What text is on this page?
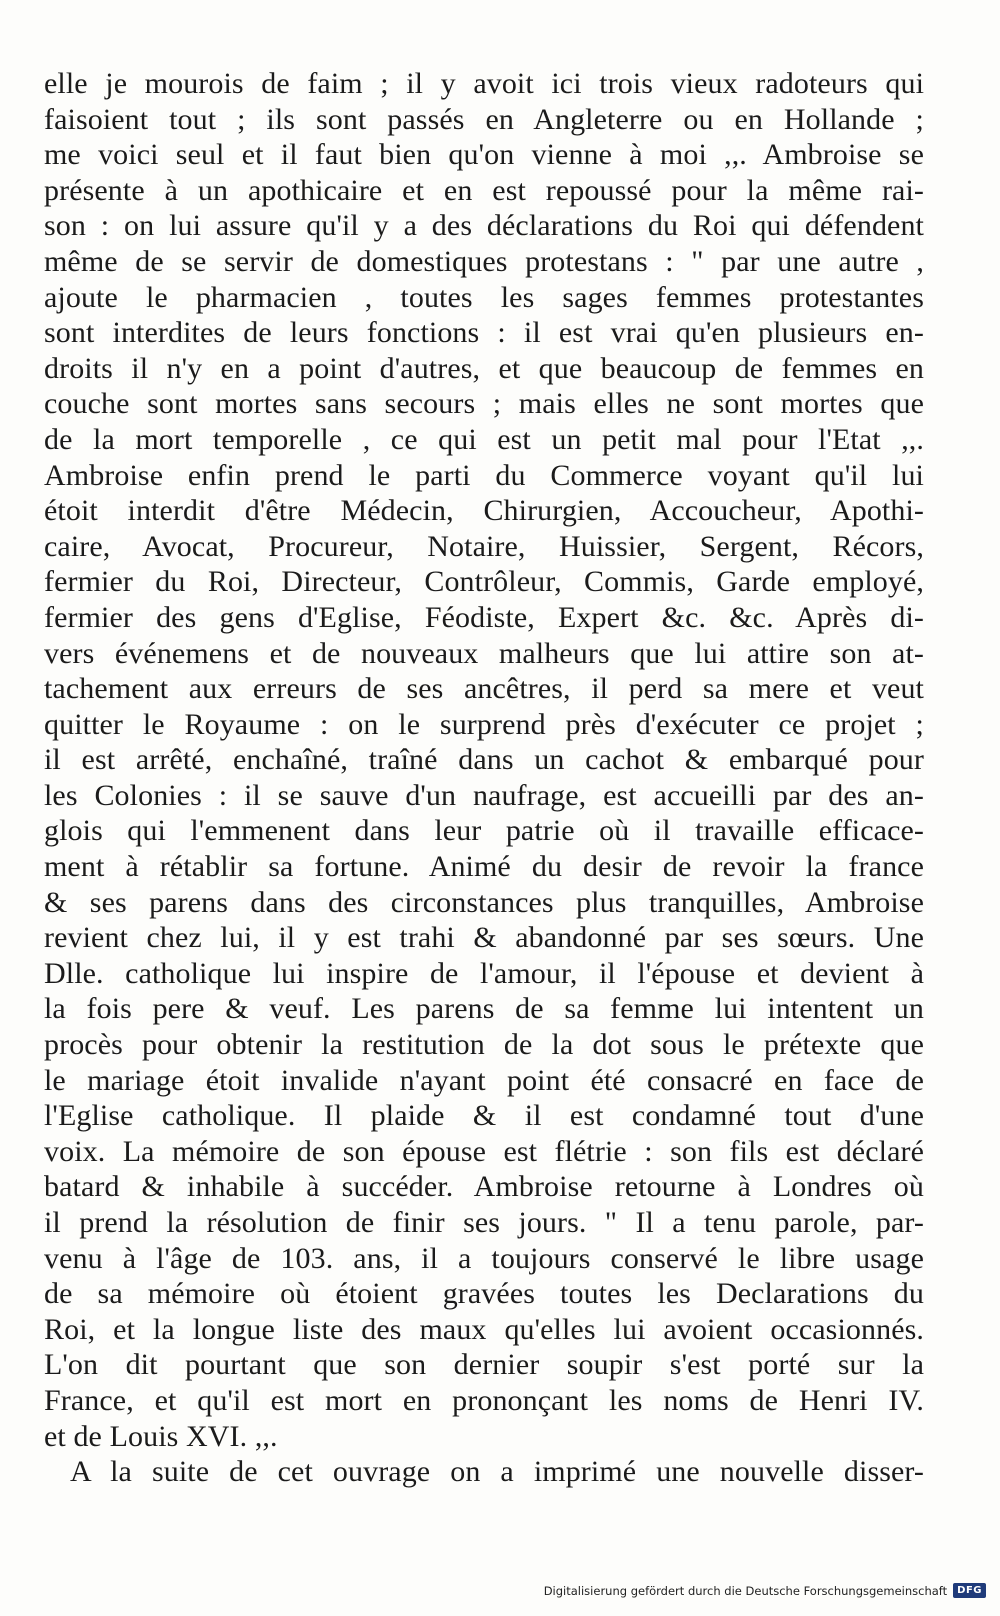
elle je mourois de faim ; il y avoit ici trois vieux radoteurs qui
faisoient tout ; ils sont passés en Angleterre ou en Hollande ;
me voici seul et il faut bien qu'on vienne à moi ,,. Ambroise se
présente à un apothicaire et en est repoussé pour la même rai-
son : on lui assure qu'il y a des déclarations du Roi qui défendent
même de se servir de domestiques protestans : " par une autre ,
ajoute le pharmacien , toutes les sages femmes protestantes
sont interdites de leurs fonctions : il est vrai qu'en plusieurs en-
droits il n'y en a point d'autres, et que beaucoup de femmes en
couche sont mortes sans secours ; mais elles ne sont mortes que
de la mort temporelle , ce qui est un petit mal pour l'Etat ,,.
Ambroise enfin prend le parti du Commerce voyant qu'il lui
étoit interdit d'être Médecin, Chirurgien, Accoucheur, Apothi-
caire, Avocat, Procureur, Notaire, Huissier, Sergent, Récors,
fermier du Roi, Directeur, Contrôleur, Commis, Garde employé,
fermier des gens d'Eglise, Féodiste, Expert &c. &c. Après di-
vers événemens et de nouveaux malheurs que lui attire son at-
tachement aux erreurs de ses ancêtres, il perd sa mere et veut
quitter le Royaume : on le surprend près d'exécuter ce projet ;
il est arrêté, enchaîné, traîné dans un cachot & embarqué pour
les Colonies : il se sauve d'un naufrage, est accueilli par des an-
glois qui l'emmenent dans leur patrie où il travaille efficace-
ment à rétablir sa fortune. Animé du desir de revoir la france
& ses parens dans des circonstances plus tranquilles, Ambroise
revient chez lui, il y est trahi & abandonné par ses sœurs. Une
Dlle. catholique lui inspire de l'amour, il l'épouse et devient à
la fois pere & veuf. Les parens de sa femme lui intentent un
procès pour obtenir la restitution de la dot sous le prétexte que
le mariage étoit invalide n'ayant point été consacré en face de
l'Eglise catholique. Il plaide & il est condamné tout d'une
voix. La mémoire de son épouse est flétrie : son fils est déclaré
batard & inhabile à succéder. Ambroise retourne à Londres où
il prend la résolution de finir ses jours. " Il a tenu parole, par-
venu à l'âge de 103. ans, il a toujours conservé le libre usage
de sa mémoire où étoient gravées toutes les Declarations du
Roi, et la longue liste des maux qu'elles lui avoient occasionnés.
L'on dit pourtant que son dernier soupir s'est porté sur la
France, et qu'il est mort en prononçant les noms de Henri IV.
et de Louis XVI. ,,.
A la suite de cet ouvrage on a imprimé une nouvelle disser-
Digitalisierung gefördert durch die Deutsche Forschungsgemeinschaft	DFG
